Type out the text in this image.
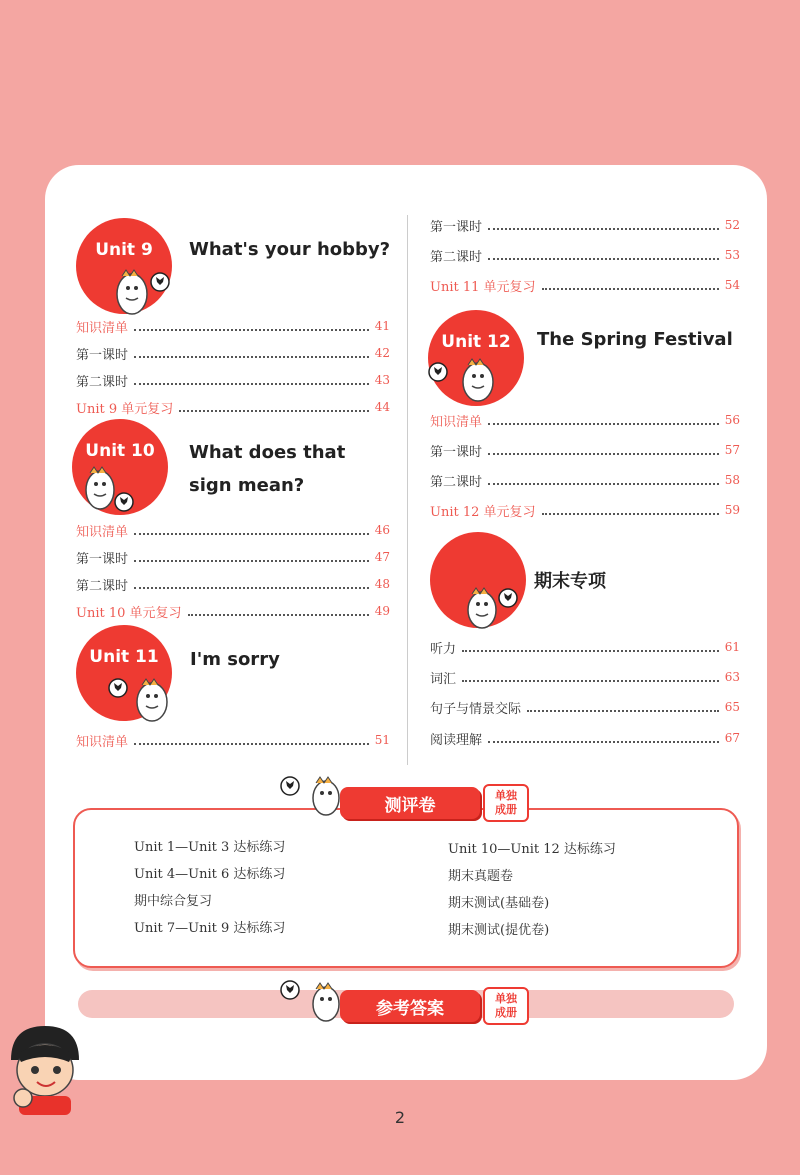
Unit 9	What's your hobby?
Unit 10	What does that
sign mean?
Unit 11	I'm sorry
Unit 12	The Spring Festival
期末专项
知识清单	41
第一课时	42
第二课时	43
Unit 9 单元复习	44
知识清单	46
第一课时	47
第二课时	48
Unit 10 单元复习	49
知识清单	51
第一课时	52
第二课时	53
Unit 11 单元复习	54
知识清单	56
第一课时	57
第二课时	58
Unit 12 单元复习	59
听力	61
词汇	63
句子与情景交际	65
阅读理解	67
测评卷	单独
成册
Unit 1—Unit 3 达标练习
Unit 4—Unit 6 达标练习
期中综合复习
Unit 7—Unit 9 达标练习
Unit 10—Unit 12 达标练习
期末真题卷
期末测试(基础卷)
期末测试(提优卷)
参考答案	单独
成册
2
